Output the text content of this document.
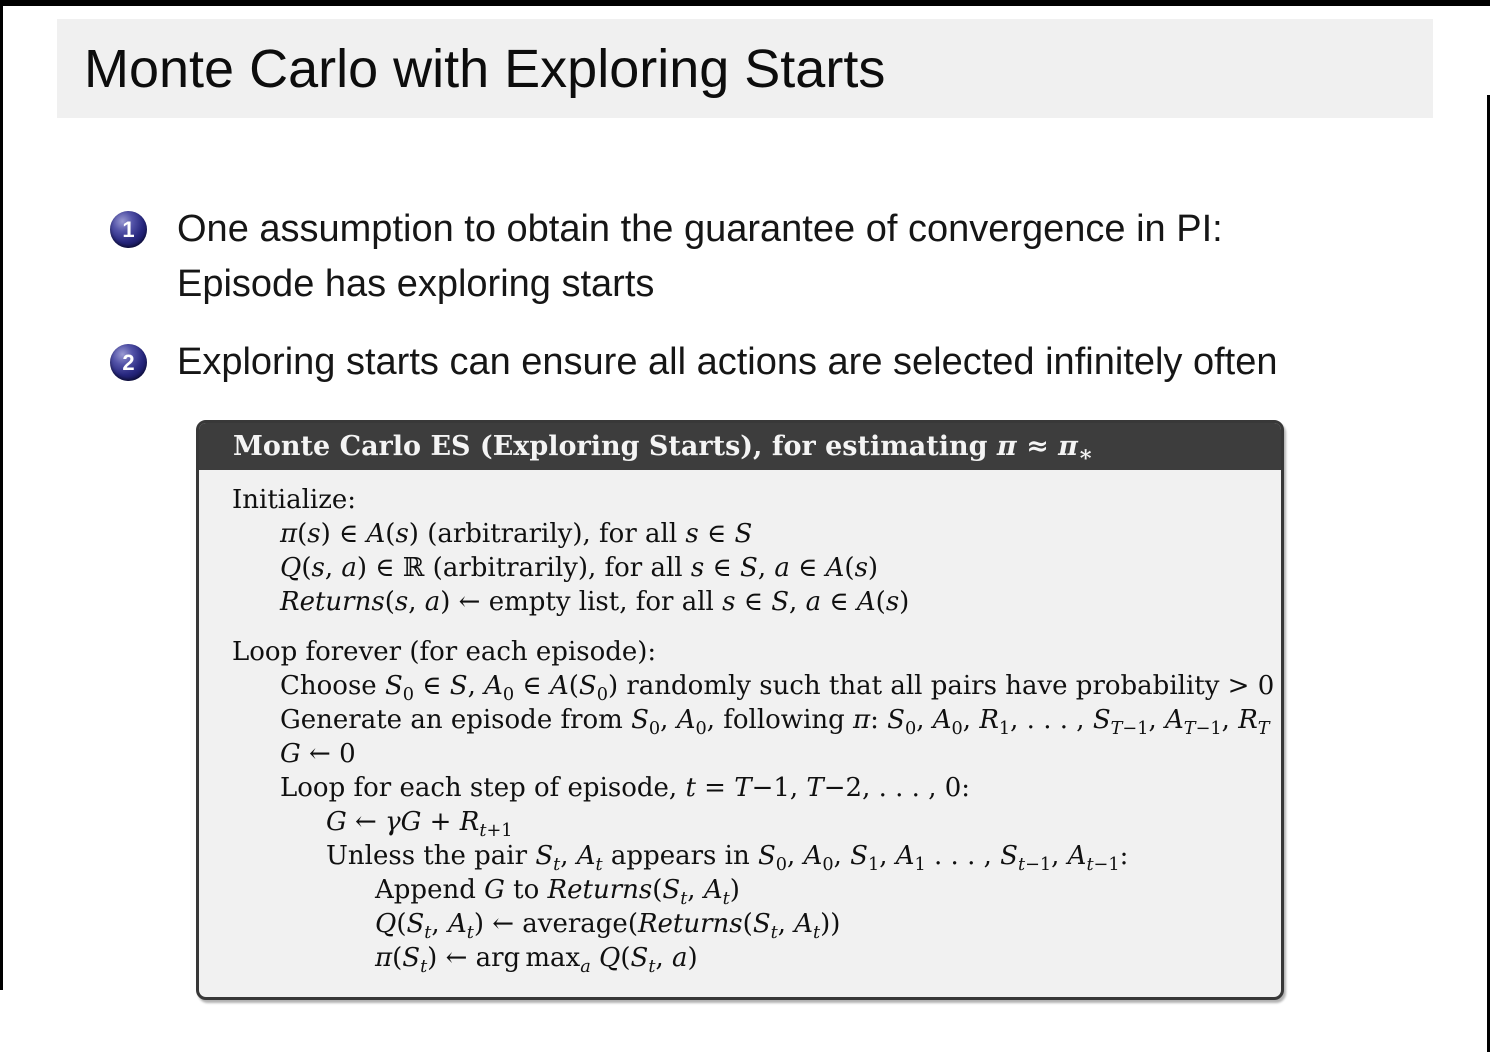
Monte Carlo with Exploring Starts
1	One assumption to obtain the guarantee of convergence in PI:
Episode has exploring starts
2	Exploring starts can ensure all actions are selected infinitely often
Monte Carlo ES (Exploring Starts), for estimating $\pi \approx \pi_∗$
Initialize:
π(s) ∈ A(s) (arbitrarily), for all s ∈ S
Q(s, a) ∈ ℝ (arbitrarily), for all s ∈ S, a ∈ A(s)
Returns(s, a) ← empty list, for all s ∈ S, a ∈ A(s)
Loop forever (for each episode):
Choose $S_0$ ∈ S, $A_0$ ∈ $A(S_0)$ randomly such that all pairs have probability > 0
Generate an episode from $S_0$, $A_0$, following π: $S_0$, $A_0$, $R_1$, . . . , $S_{T-1}$, $A_{T-1}$, $R_T$
G ← 0
Loop for each step of episode, t = T−1, T−2, . . . , 0:
G ← $\gamma G + R_{t+1}$
Unless the pair $S_t$, $A_t$ appears in $S_0$, $A_0$, $S_1$, $A_1$ . . . , $S_{t-1}$, $A_{t-1}$:
Append G to $Returns(S_t$, $A_t$)
$Q(S_t$, $A_t$) ← $average(Returns(S_t$, $A_t$))
$\pi(S_t)$ ← arg $\max_a Q(S_t$, a)
